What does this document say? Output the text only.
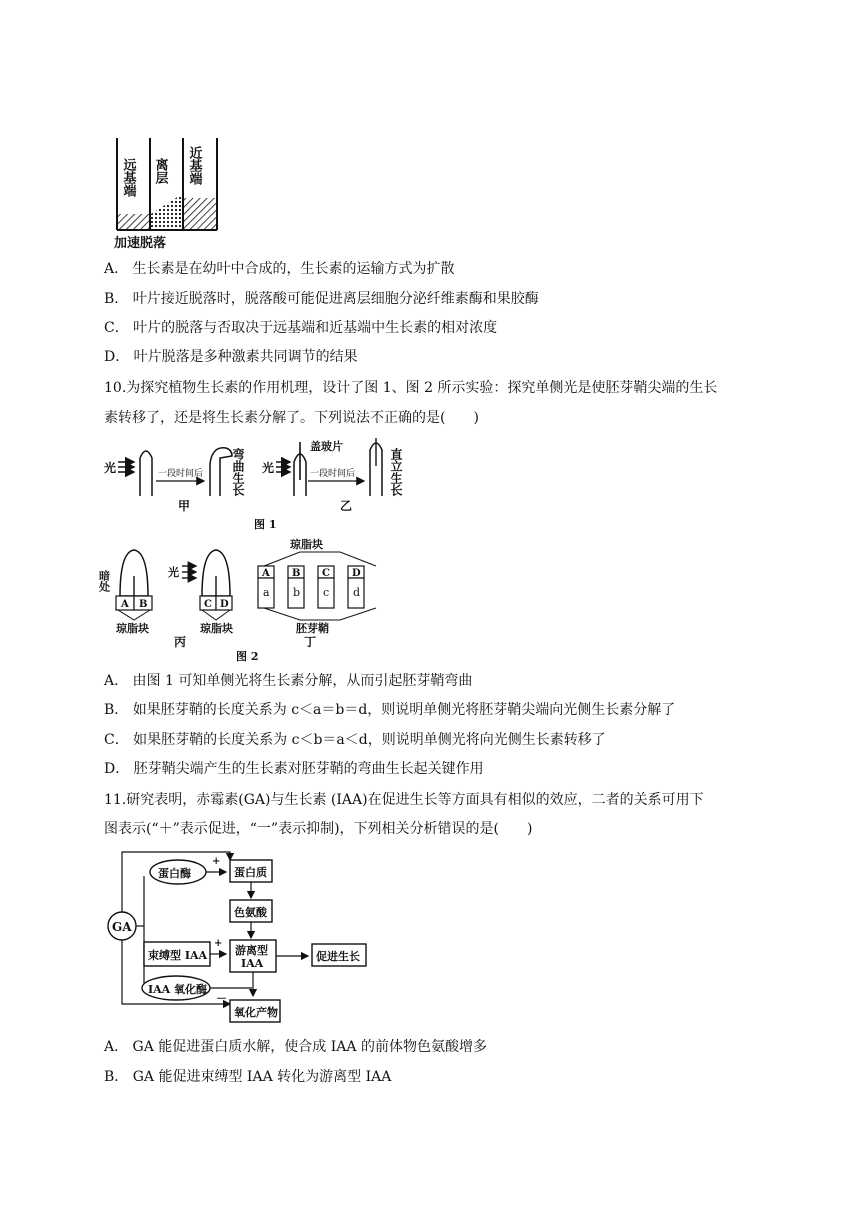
远基端 离层 近基端
加速脱落
A． 生长素是在幼叶中合成的，生长素的运输方式为扩散
B． 叶片接近脱落时，脱落酸可能促进离层细胞分泌纤维素酶和果胶酶
C． 叶片的脱落与否取决于远基端和近基端中生长素的相对浓度
D． 叶片脱落是多种激素共同调节的结果
10.为探究植物生长素的作用机理，设计了图 1、图 2 所示实验：探究单侧光是使胚芽鞘尖端的生长
素转移了，还是将生长素分解了。下列说法不正确的是(　　)
光	一段时间后 弯曲生长
甲
光
盖玻片
一段时间后	直立生长
乙
图 1
暗处
A B
琼脂块
光
C D
琼脂块
丙
琼脂块
A B C D
a b c d
胚芽鞘
丁
图 2
A． 由图 1 可知单侧光将生长素分解，从而引起胚芽鞘弯曲
B． 如果胚芽鞘的长度关系为 c＜a＝b＝d，则说明单侧光将胚芽鞘尖端向光侧生长素分解了
C． 如果胚芽鞘的长度关系为 c＜b＝a＜d，则说明单侧光将向光侧生长素转移了
D． 胚芽鞘尖端产生的生长素对胚芽鞘的弯曲生长起关键作用
11.研究表明，赤霉素(GA)与生长素 (IAA)在促进生长等方面具有相似的效应，二者的关系可用下
图表示(“＋”表示促进，“一”表示抑制)，下列相关分析错误的是(　　)
GA
蛋白酶
+
蛋白质
色氨酸
束缚型 IAA
+
游离型
IAA
促进生长
IAA 氧化酶
－
氧化产物
A． GA 能促进蛋白质水解，使合成 IAA 的前体物色氨酸增多
B． GA 能促进束缚型 IAA 转化为游离型 IAA
